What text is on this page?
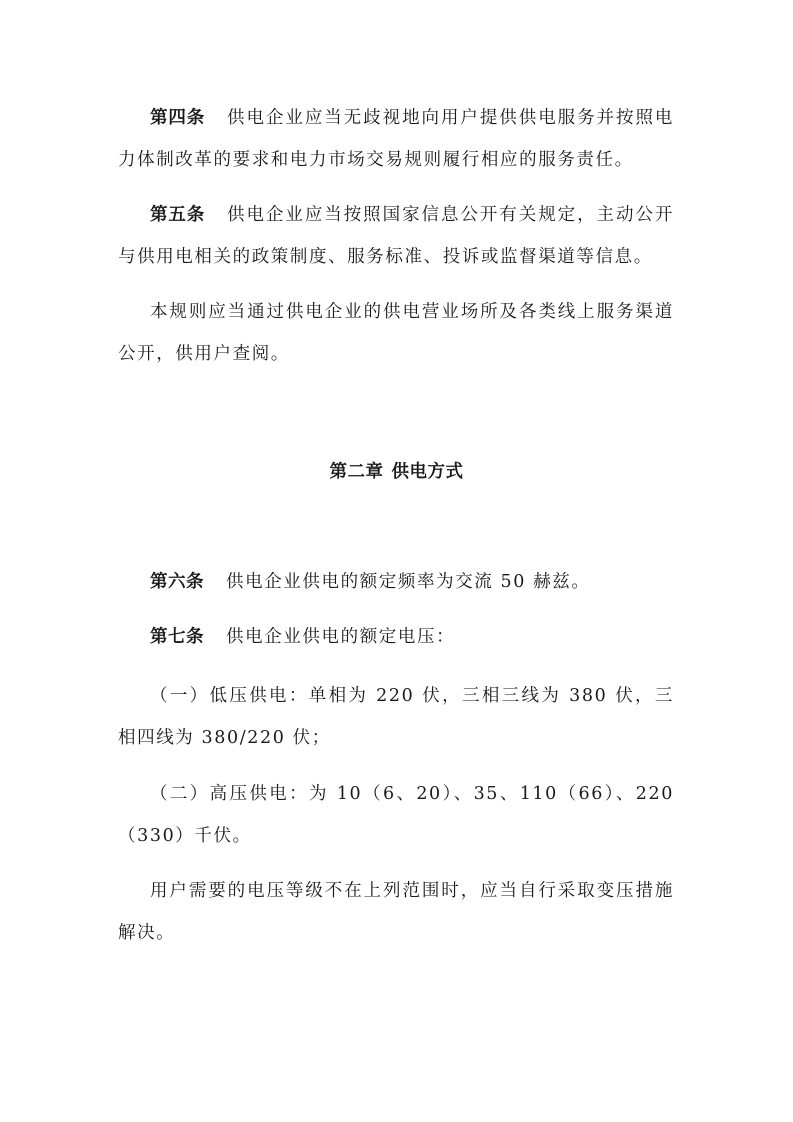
第四条 供电企业应当无歧视地向用户提供供电服务并按照电力体制改革的要求和电力市场交易规则履行相应的服务责任。

第五条 供电企业应当按照国家信息公开有关规定，主动公开与供用电相关的政策制度、服务标准、投诉或监督渠道等信息。

本规则应当通过供电企业的供电营业场所及各类线上服务渠道公开，供用户查阅。

第二章 供电方式

第六条 供电企业供电的额定频率为交流 50 赫兹。

第七条 供电企业供电的额定电压：

（一）低压供电：单相为 220 伏，三相三线为 380 伏，三相四线为 380/220 伏；

（二）高压供电：为 10（6、20）、35、110（66）、220（330）千伏。

用户需要的电压等级不在上列范围时，应当自行采取变压措施解决。
